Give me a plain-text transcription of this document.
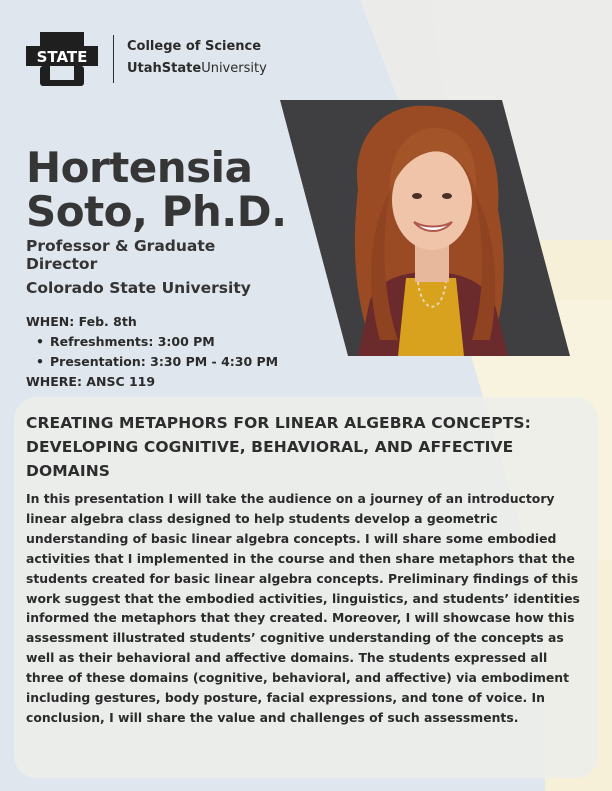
STATE
College of Science
UtahStateUniversity
Hortensia
Soto, Ph.D.
Professor & Graduate Director
Colorado State University
WHEN: Feb. 8th
• Refreshments: 3:00 PM
• Presentation: 3:30 PM - 4:30 PM
WHERE: ANSC 119
CREATING METAPHORS FOR LINEAR ALGEBRA CONCEPTS: DEVELOPING COGNITIVE, BEHAVIORAL, AND AFFECTIVE DOMAINS

In this presentation I will take the audience on a journey of an introductory linear algebra class designed to help students develop a geometric understanding of basic linear algebra concepts. I will share some embodied activities that I implemented in the course and then share metaphors that the students created for basic linear algebra concepts. Preliminary findings of this work suggest that the embodied activities, linguistics, and students’ identities informed the metaphors that they created. Moreover, I will showcase how this assessment illustrated students’ cognitive understanding of the concepts as well as their behavioral and affective domains. The students expressed all three of these domains (cognitive, behavioral, and affective) via embodiment including gestures, body posture, facial expressions, and tone of voice. In conclusion, I will share the value and challenges of such assessments.
